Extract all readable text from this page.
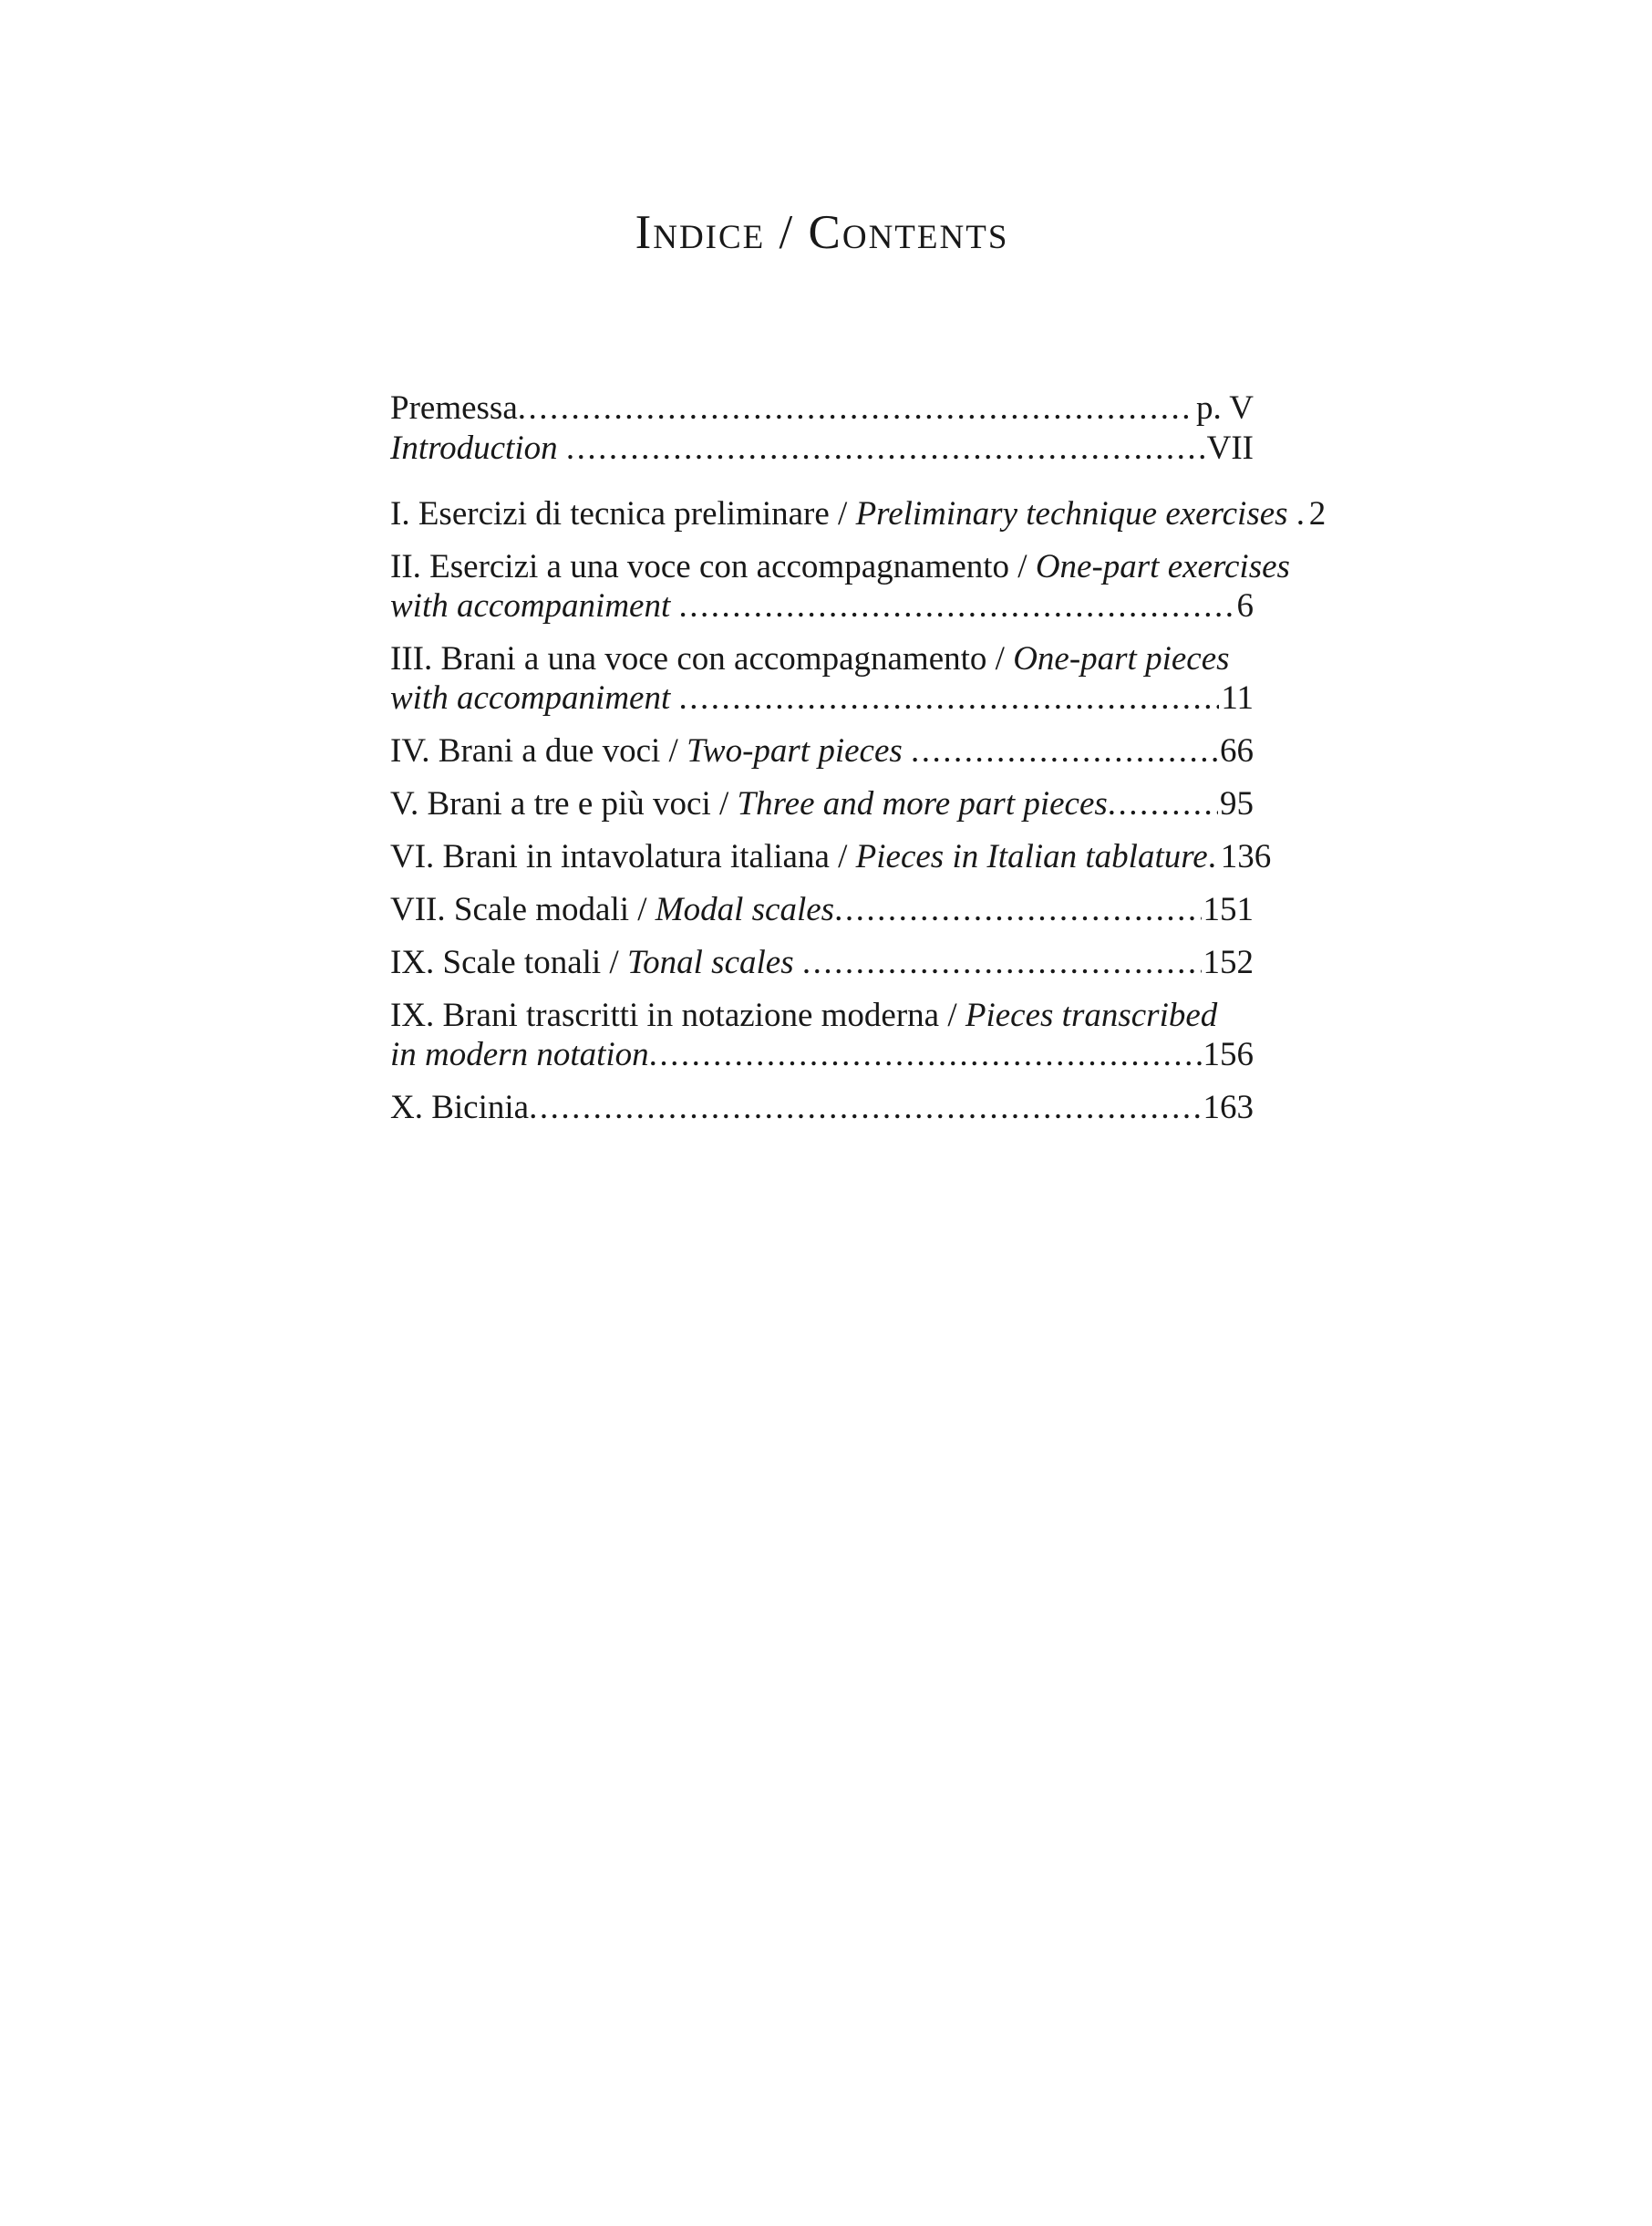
Indice / Contents
Premessa .....	p. V
Introduction .....	VII
I. Esercizi di tecnica preliminare / Preliminary technique exercises ..... 2
II. Esercizi a una voce con accompagnamento / One-part exercises
with accompaniment .....	6
III. Brani a una voce con accompagnamento / One-part pieces
with accompaniment .....	11
IV. Brani a due voci / Two-part pieces .....	66
V. Brani a tre e più voci / Three and more part pieces .....	95
VI. Brani in intavolatura italiana / Pieces in Italian tablature ..... 136
VII. Scale modali / Modal scales .....	151
IX. Scale tonali / Tonal scales .....	152
IX. Brani trascritti in notazione moderna / Pieces transcribed
in modern notation .....	156
X. Bicinia .....	163
